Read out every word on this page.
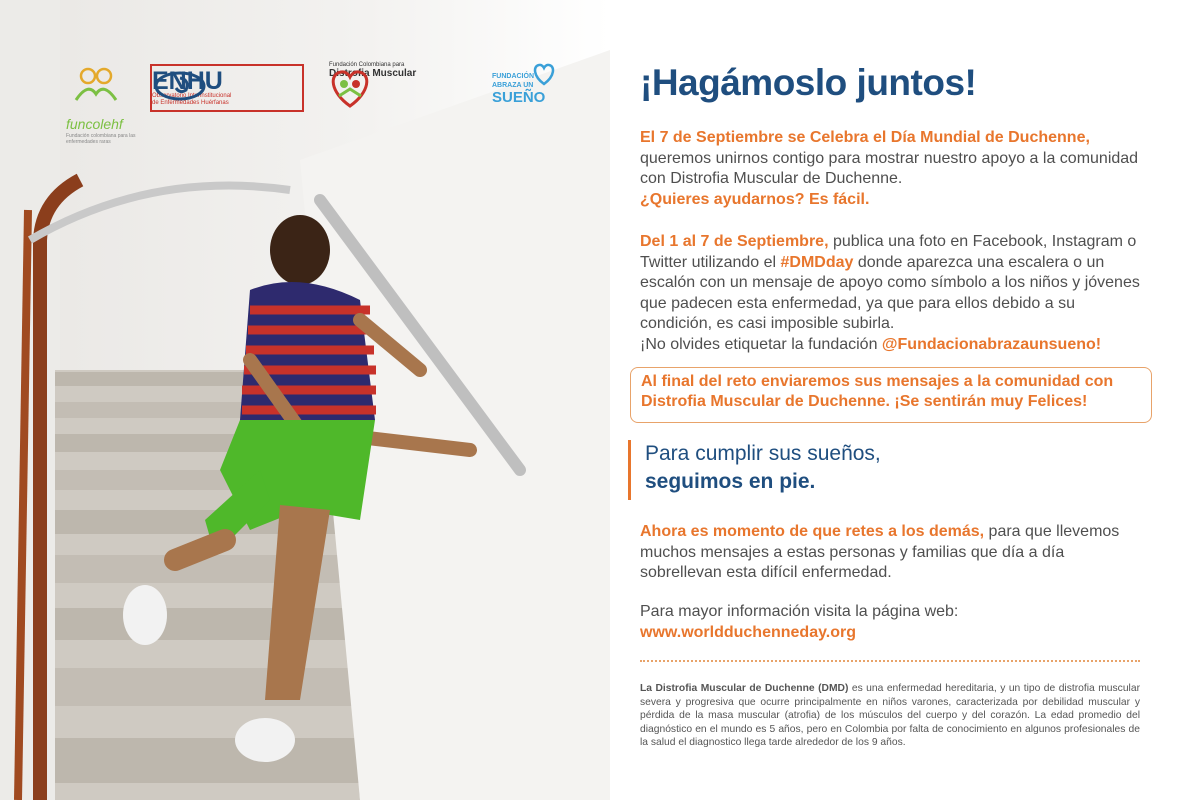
funcolehf
Fundación colombiana para las enfermedades raras
ENHU
Observatorio Interinstitucional
de Enfermedades Huérfanas
Fundación Colombiana para
Distrofia Muscular	FUNDACIÓN
ABRAZA UN
SUEÑO	¡Hagámoslo juntos!
El 7 de Septiembre se Celebra el Día Mundial de Duchenne, queremos unirnos contigo para mostrar nuestro apoyo a la comunidad con Distrofia Muscular de Duchenne.
¿Quieres ayudarnos? Es fácil.
Del 1 al 7 de Septiembre, publica una foto en Facebook, Instagram o Twitter utilizando el #DMDday donde aparezca una escalera o un escalón con un mensaje de apoyo como símbolo a los niños y jóvenes que padecen esta enfermedad, ya que para ellos debido a su condición, es casi imposible subirla.
¡No olvides etiquetar la fundación @Fundacionabrazaunsueno!
Al final del reto enviaremos sus mensajes a la comunidad con Distrofia Muscular de Duchenne. ¡Se sentirán muy Felices!
Para cumplir sus sueños,
seguimos en pie.
Ahora es momento de que retes a los demás, para que llevemos muchos mensajes a estas personas y familias que día a día sobrellevan esta difícil enfermedad.
Para mayor información visita la página web:
www.worldduchenneday.org
La Distrofia Muscular de Duchenne (DMD) es una enfermedad hereditaria, y un tipo de distrofia muscular severa y progresiva que ocurre principalmente en niños varones, caracterizada por debilidad muscular y pérdida de la masa muscular (atrofia) de los músculos del cuerpo y del corazón. La edad promedio del diagnóstico en el mundo es 5 años, pero en Colombia por falta de conocimiento en algunos profesionales de la salud el diagnostico llega tarde alrededor de los 9 años.
